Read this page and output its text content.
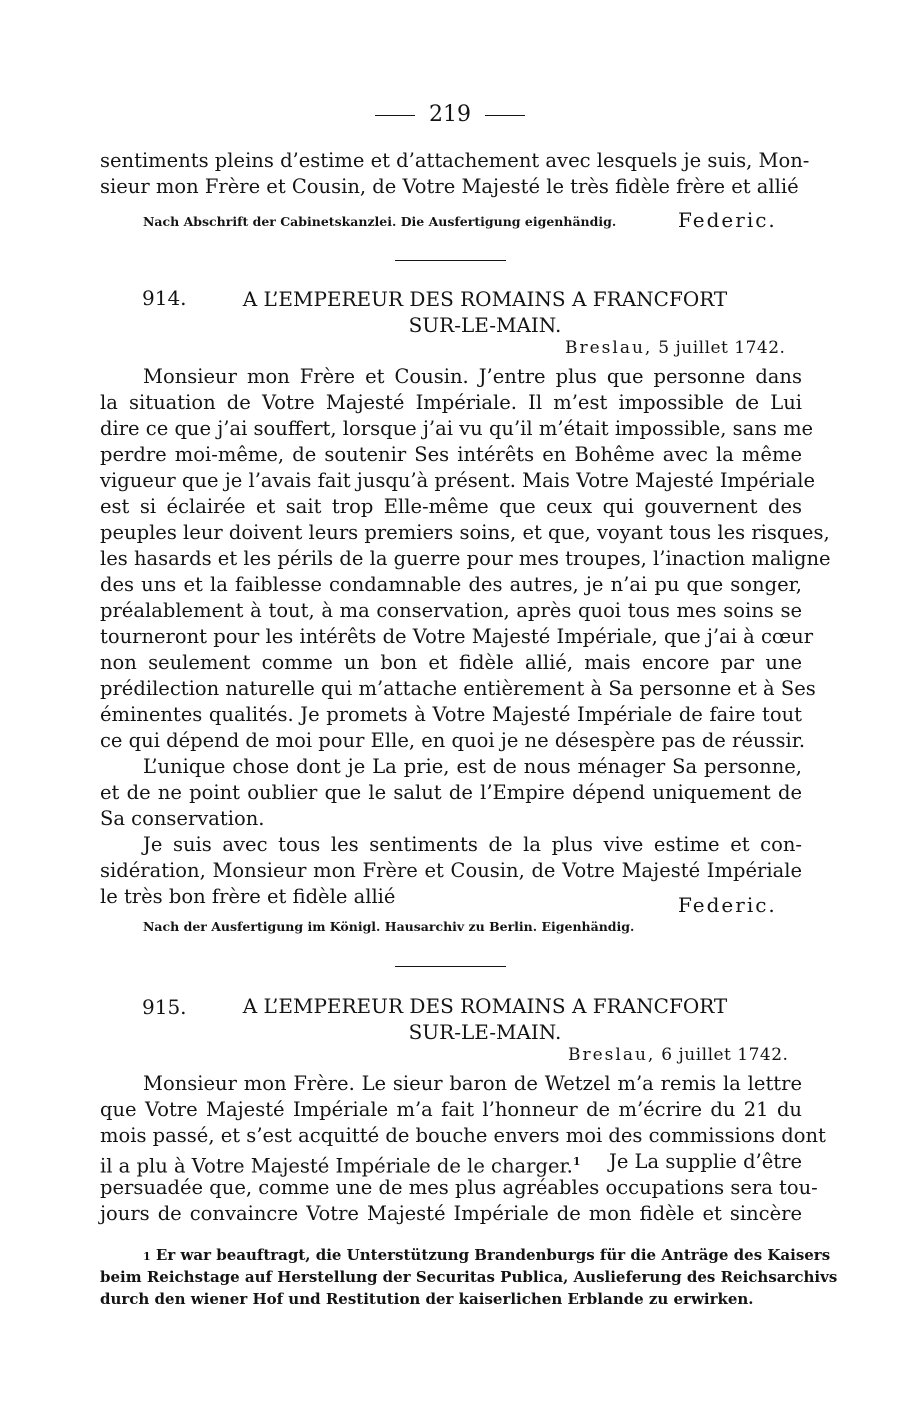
219
sentiments pleins d’estime et d’attachement avec lesquels je suis, Mon-
sieur mon Frère et Cousin, de Votre Majesté le très fidèle frère et allié
Nach Abschrift der Cabinetskanzlei. Die Ausfertigung eigenhändig.	Federic.
914.	A L’EMPEREUR DES ROMAINS A FRANCFORT
SUR-LE-MAIN.
Breslau, 5 juillet 1742.
Monsieur mon Frère et Cousin. J’entre plus que personne dans
la situation de Votre Majesté Impériale. Il m’est impossible de Lui
dire ce que j’ai souffert, lorsque j’ai vu qu’il m’était impossible, sans me
perdre moi-même, de soutenir Ses intérêts en Bohême avec la même
vigueur que je l’avais fait jusqu’à présent. Mais Votre Majesté Impériale
est si éclairée et sait trop Elle-même que ceux qui gouvernent des
peuples leur doivent leurs premiers soins, et que, voyant tous les risques,
les hasards et les périls de la guerre pour mes troupes, l’inaction maligne
des uns et la faiblesse condamnable des autres, je n’ai pu que songer,
préalablement à tout, à ma conservation, après quoi tous mes soins se
tourneront pour les intérêts de Votre Majesté Impériale, que j’ai à cœur
non seulement comme un bon et fidèle allié, mais encore par une
prédilection naturelle qui m’attache entièrement à Sa personne et à Ses
éminentes qualités. Je promets à Votre Majesté Impériale de faire tout
ce qui dépend de moi pour Elle, en quoi je ne désespère pas de réussir.
L’unique chose dont je La prie, est de nous ménager Sa personne,
et de ne point oublier que le salut de l’Empire dépend uniquement de
Sa conservation.
Je suis avec tous les sentiments de la plus vive estime et con-
sidération, Monsieur mon Frère et Cousin, de Votre Majesté Impériale
le très bon frère et fidèle allié	Federic.
Nach der Ausfertigung im Königl. Hausarchiv zu Berlin. Eigenhändig.
915.	A L’EMPEREUR DES ROMAINS A FRANCFORT
SUR-LE-MAIN.
Breslau, 6 juillet 1742.
Monsieur mon Frère. Le sieur baron de Wetzel m’a remis la lettre
que Votre Majesté Impériale m’a fait l’honneur de m’écrire du 21 du
mois passé, et s’est acquitté de bouche envers moi des commissions dont
il a plu à Votre Majesté Impériale de le charger.$^1$ Je La supplie d’être
persuadée que, comme une de mes plus agréables occupations sera tou-
jours de convaincre Votre Majesté Impériale de mon fidèle et sincère
1 Er war beauftragt, die Unterstützung Brandenburgs für die Anträge des Kaisers
beim Reichstage auf Herstellung der Securitas Publica, Auslieferung des Reichsarchivs
durch den wiener Hof und Restitution der kaiserlichen Erblande zu erwirken.
